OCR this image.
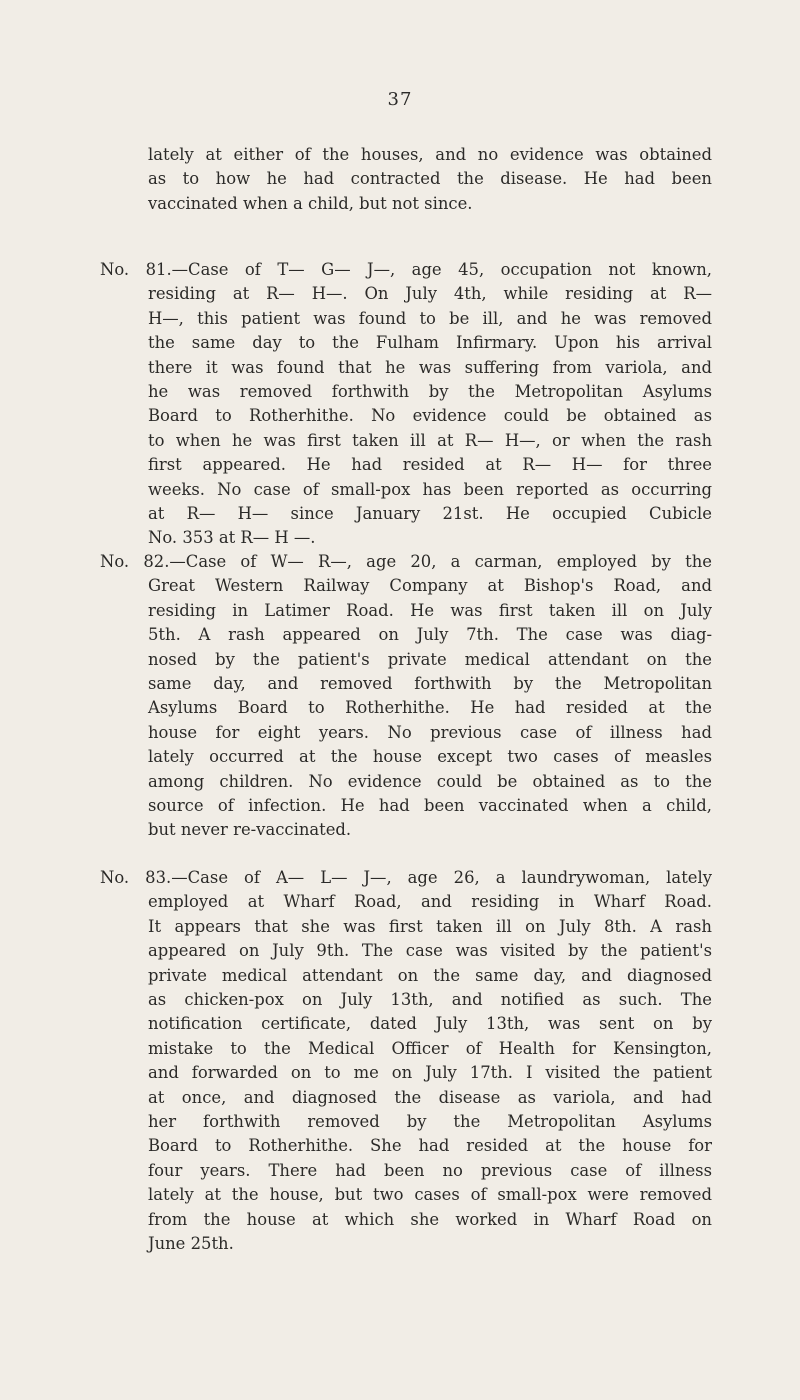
37
lately at either of the houses, and no evidence was obtained
as to how he had contracted the disease. He had been
vaccinated when a child, but not since.
No. 81.—Case of T— G— J—, age 45, occupation not known,
residing at R— H—. On July 4th, while residing at R—
H—, this patient was found to be ill, and he was removed
the same day to the Fulham Infirmary. Upon his arrival
there it was found that he was suffering from variola, and
he was removed forthwith by the Metropolitan Asylums
Board to Rotherhithe. No evidence could be obtained as
to when he was first taken ill at R— H—, or when the rash
first appeared. He had resided at R— H— for three
weeks. No case of small-pox has been reported as occurring
at R— H— since January 21st. He occupied Cubicle
No. 353 at R— H —.
No. 82.—Case of W— R—, age 20, a carman, employed by the
Great Western Railway Company at Bishop's Road, and
residing in Latimer Road. He was first taken ill on July
5th. A rash appeared on July 7th. The case was diag-
nosed by the patient's private medical attendant on the
same day, and removed forthwith by the Metropolitan
Asylums Board to Rotherhithe. He had resided at the
house for eight years. No previous case of illness had
lately occurred at the house except two cases of measles
among children. No evidence could be obtained as to the
source of infection. He had been vaccinated when a child,
but never re-vaccinated.
No. 83.—Case of A— L— J—, age 26, a laundrywoman, lately
employed at Wharf Road, and residing in Wharf Road.
It appears that she was first taken ill on July 8th. A rash
appeared on July 9th. The case was visited by the patient's
private medical attendant on the same day, and diagnosed
as chicken-pox on July 13th, and notified as such. The
notification certificate, dated July 13th, was sent on by
mistake to the Medical Officer of Health for Kensington,
and forwarded on to me on July 17th. I visited the patient
at once, and diagnosed the disease as variola, and had
her forthwith removed by the Metropolitan Asylums
Board to Rotherhithe. She had resided at the house for
four years. There had been no previous case of illness
lately at the house, but two cases of small-pox were removed
from the house at which she worked in Wharf Road on
June 25th.
